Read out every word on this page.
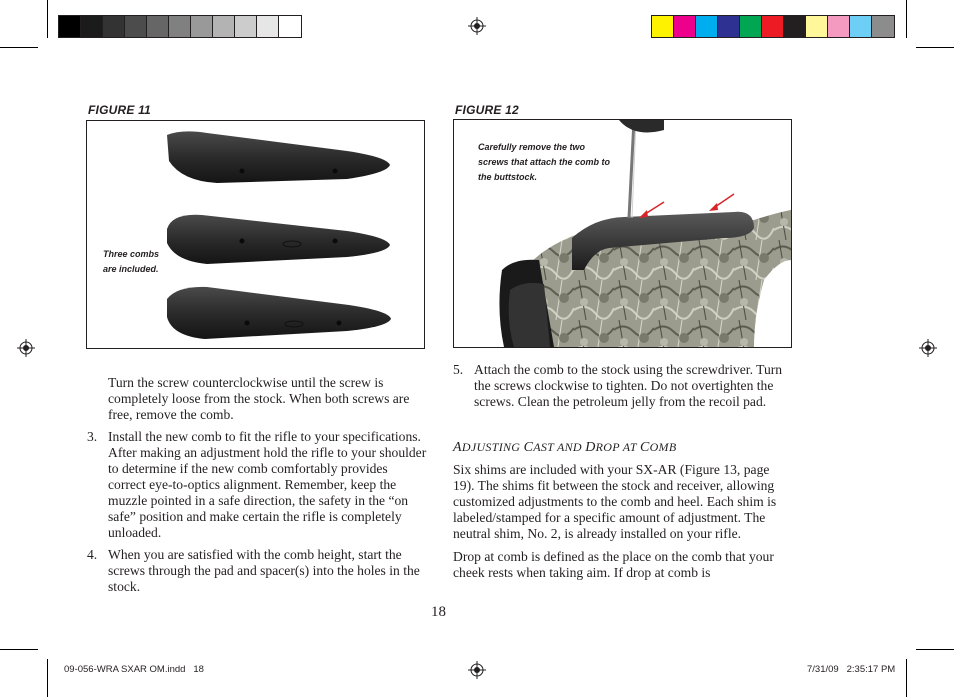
FIGURE 11
Three combs
are included.
FIGURE 12
Carefully remove the two
screws that attach the comb to
the buttstock.

Turn the screw counterclockwise until the screw is completely loose from the stock. When both screws are free, remove the comb.

3. Install the new comb to fit the rifle to your specifications. After making an adjustment hold the rifle to your shoulder to determine if the new comb comfortably provides correct eye-to-optics alignment. Remember, keep the muzzle pointed in a safe direction, the safety in the “on safe” position and make certain the rifle is completely unloaded.
4. When you are satisfied with the comb height, start the screws through the pad and spacer(s) into the holes in the stock.
5. Attach the comb to the stock using the screwdriver. Turn the screws clockwise to tighten. Do not overtighten the screws. Clean the petroleum jelly from the recoil pad.
ADJUSTING CAST AND DROP AT COMB

Six shims are included with your SX-AR (Figure 13, page 19). The shims fit between the stock and receiver, allowing customized adjustments to the comb and heel. Each shim is labeled/stamped for a specific amount of adjustment. The neutral shim, No. 2, is already installed on your rifle.

Drop at comb is defined as the place on the comb that your cheek rests when taking aim. If drop at comb is

18
09-056-WRA SXAR OM.indd   18	7/31/09   2:35:17 PM
